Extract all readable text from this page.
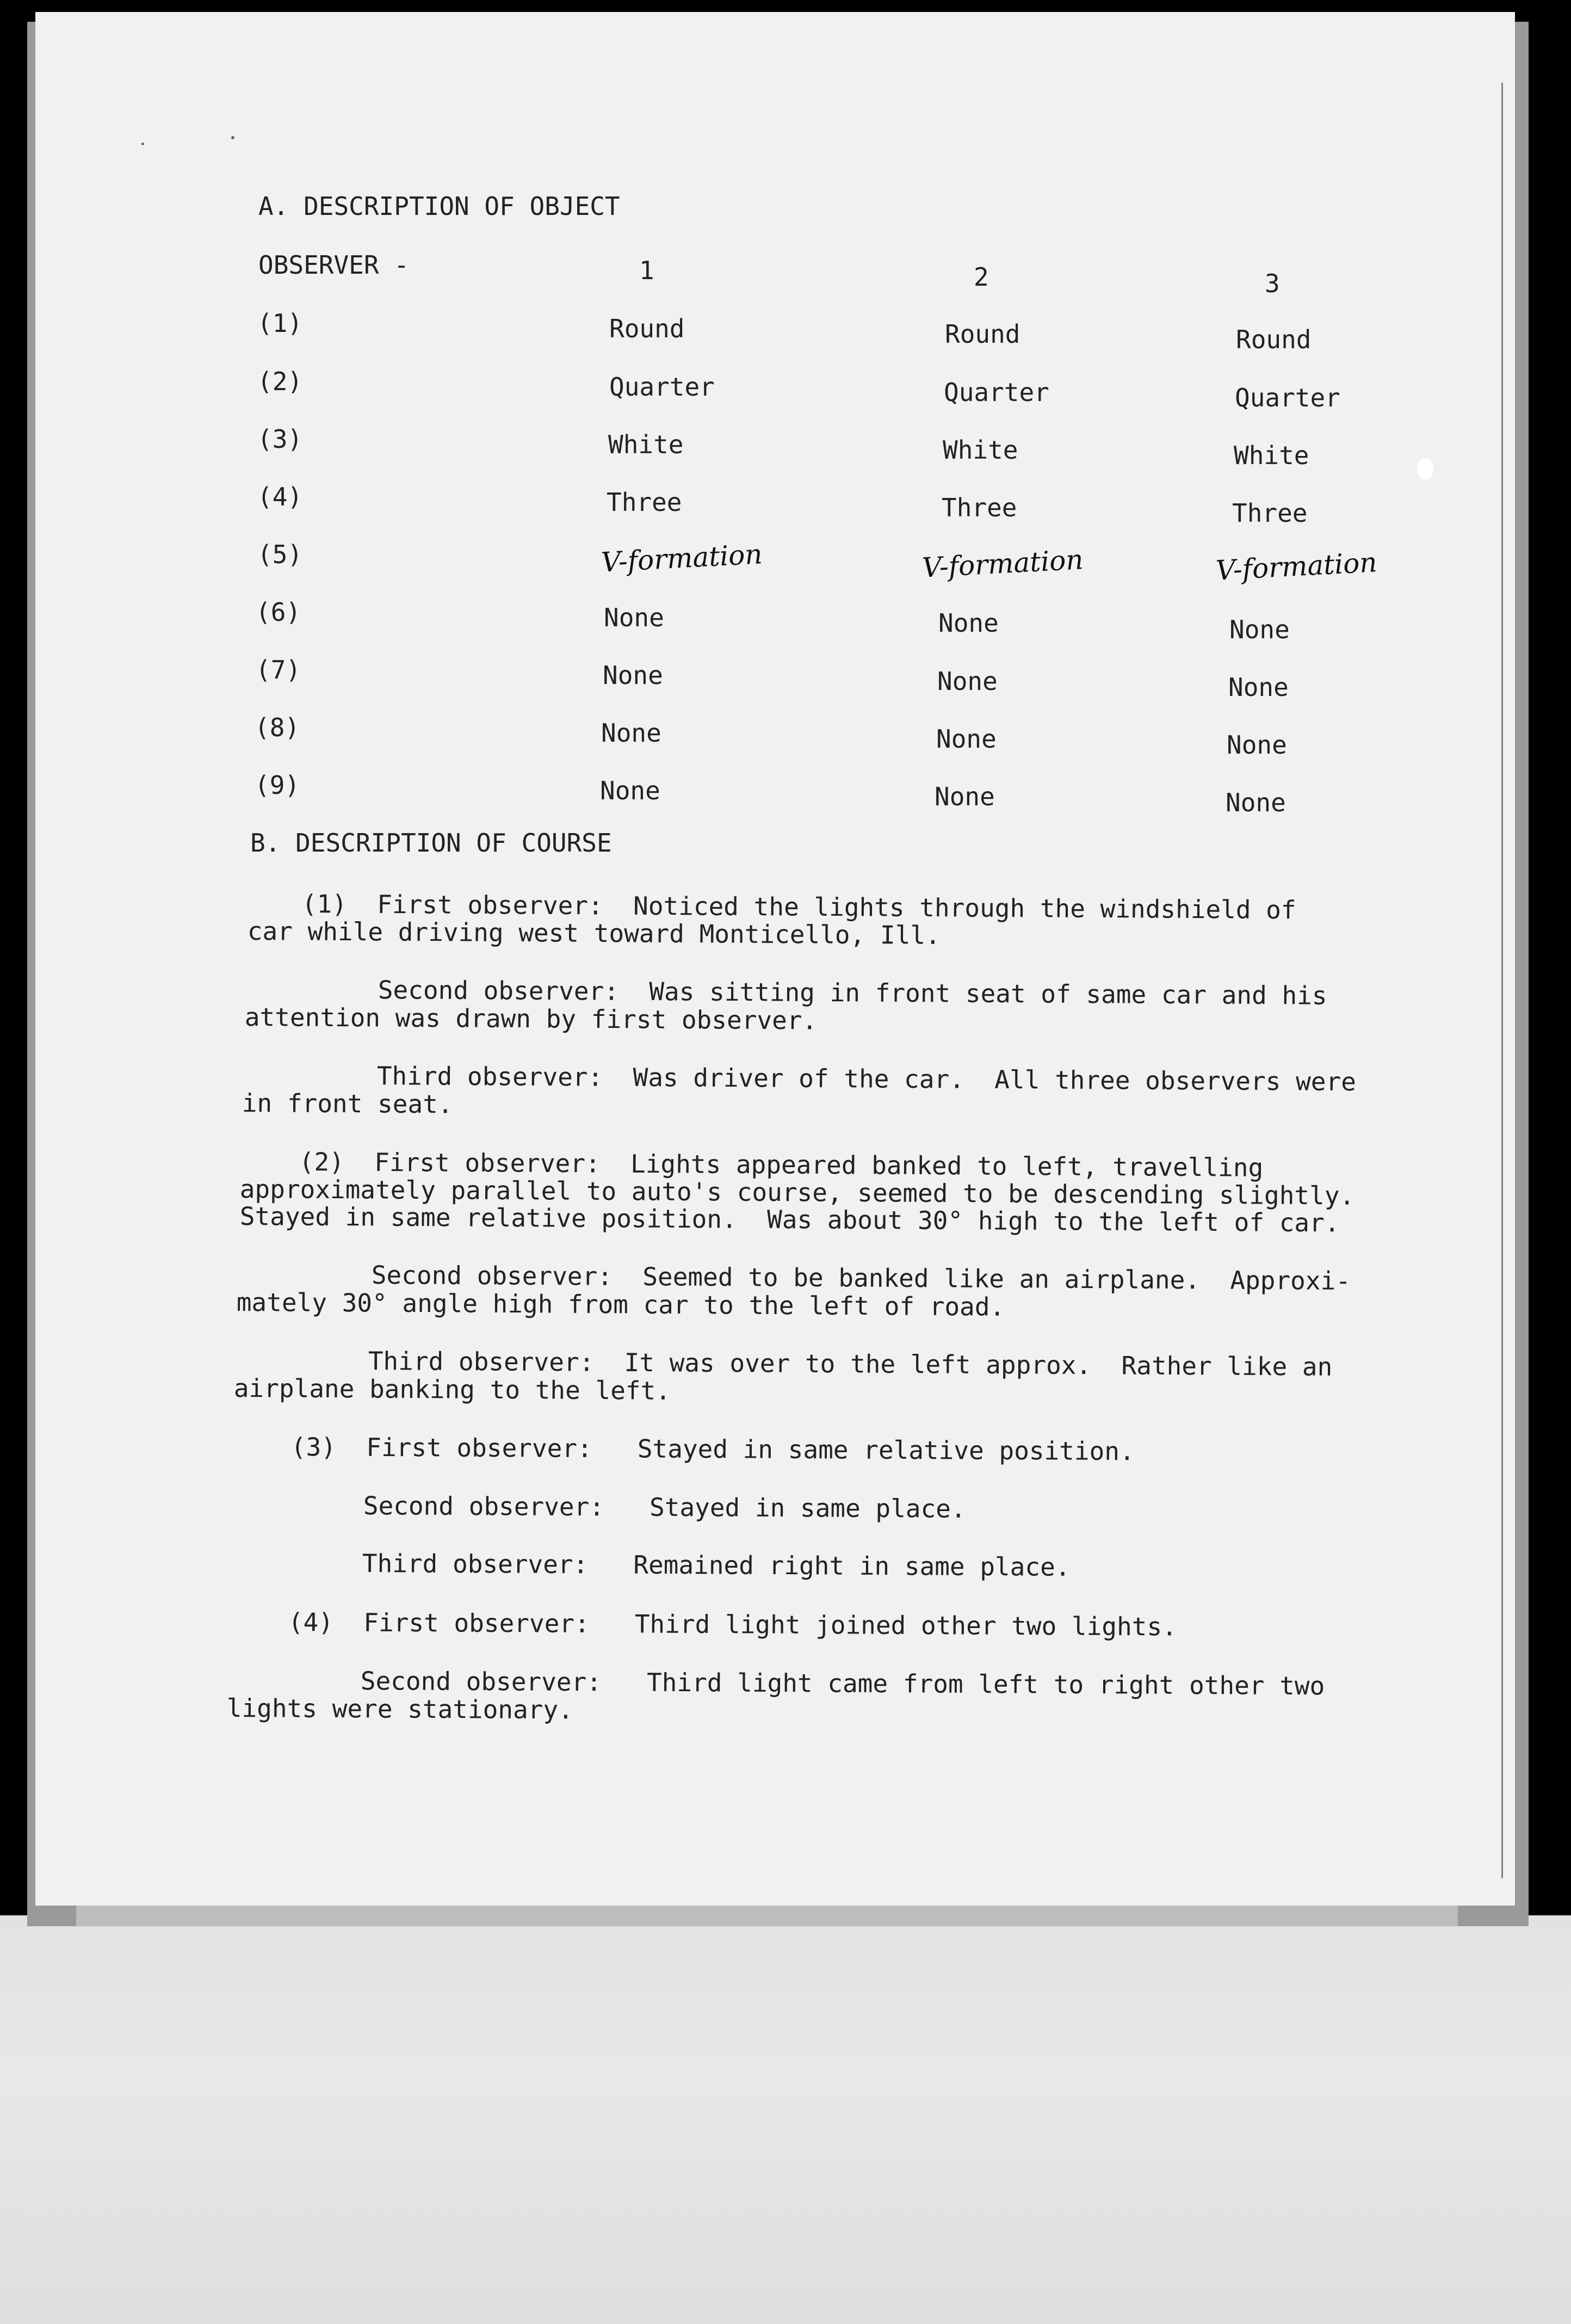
A. DESCRIPTION OF OBJECT
OBSERVER -	1	2	3
(1)	Round	Round	Round
(2)	Quarter	Quarter	Quarter
(3)	White	White	White
(4)	Three	Three	Three
(5)	V-formation	V-formation	V-formation
(6)	None	None	None
(7)	None	None	None
(8)	None	None	None
(9)	None	None	None
B. DESCRIPTION OF COURSE
(1)  First observer:  Noticed the lights through the windshield of
car while driving west toward Monticello, Ill.
Second observer:  Was sitting in front seat of same car and his
attention was drawn by first observer.
Third observer:  Was driver of the car.  All three observers were
in front seat.
(2)  First observer:  Lights appeared banked to left, travelling
approximately parallel to auto's course, seemed to be descending slightly.
Stayed in same relative position.  Was about 30° high to the left of car.
Second observer:  Seemed to be banked like an airplane.  Approxi-
mately 30° angle high from car to the left of road.
Third observer:  It was over to the left approx.  Rather like an
airplane banking to the left.
(3)  First observer:   Stayed in same relative position.
Second observer:   Stayed in same place.
Third observer:   Remained right in same place.
(4)  First observer:   Third light joined other two lights.
Second observer:   Third light came from left to right other two
lights were stationary.
